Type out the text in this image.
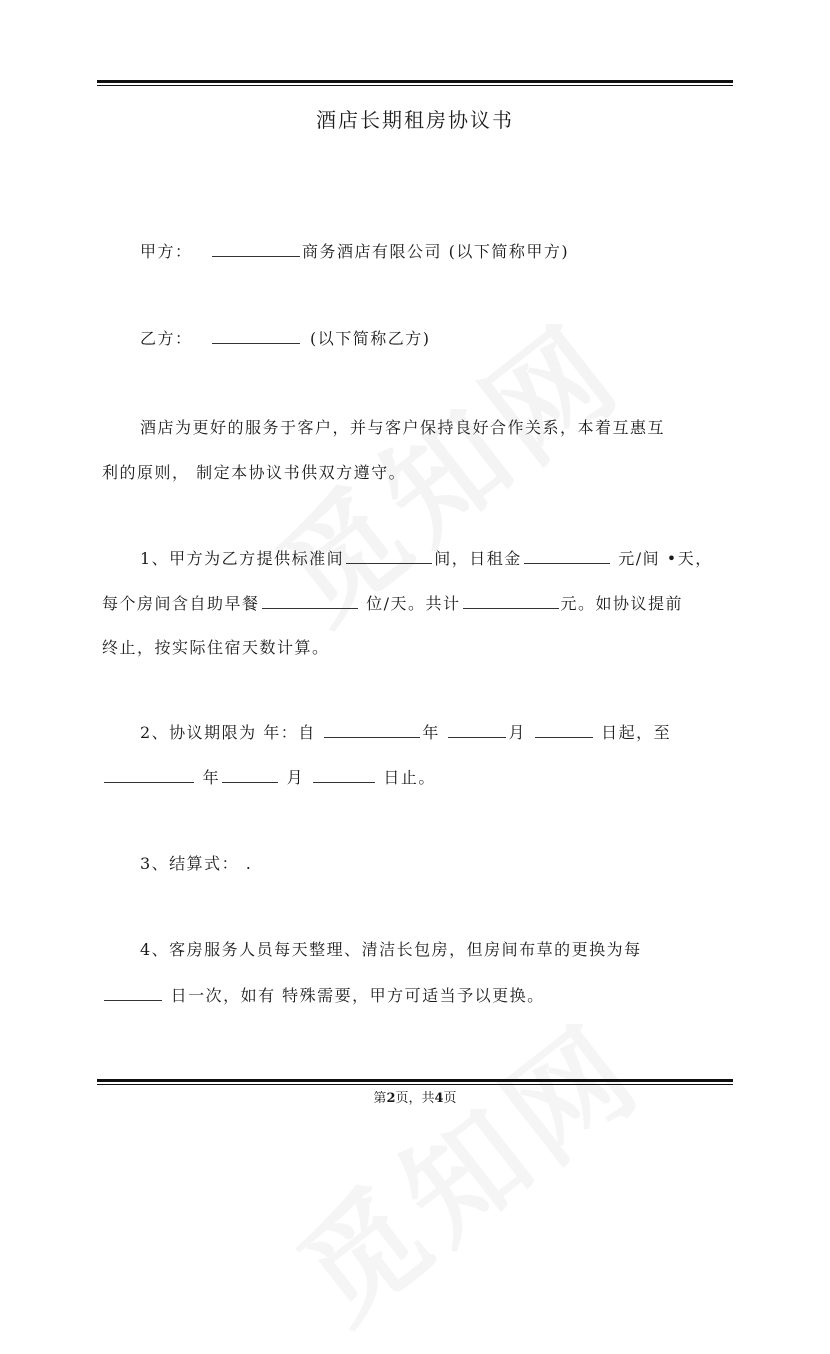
酒店长期租房协议书
甲方：	商务酒店有限公司 (以下简称甲方)
乙方：	(以下简称乙方)
酒店为更好的服务于客户，并与客户保持良好合作关系，本着互惠互
利的原则， 制定本协议书供双方遵守。
1、甲方为乙方提供标准间	间，日租金	元/间 •天，
每个房间含自助早餐	位/天。共计	元。如协议提前
终止，按实际住宿天数计算。
2、协议期限为 年：自	年	月	日起，至
年	月	日止。
3、结算式： .
4、客房服务人员每天整理、清洁长包房，但房间布草的更换为每
日一次，如有 特殊需要，甲方可适当予以更换。
第2页，共4页
